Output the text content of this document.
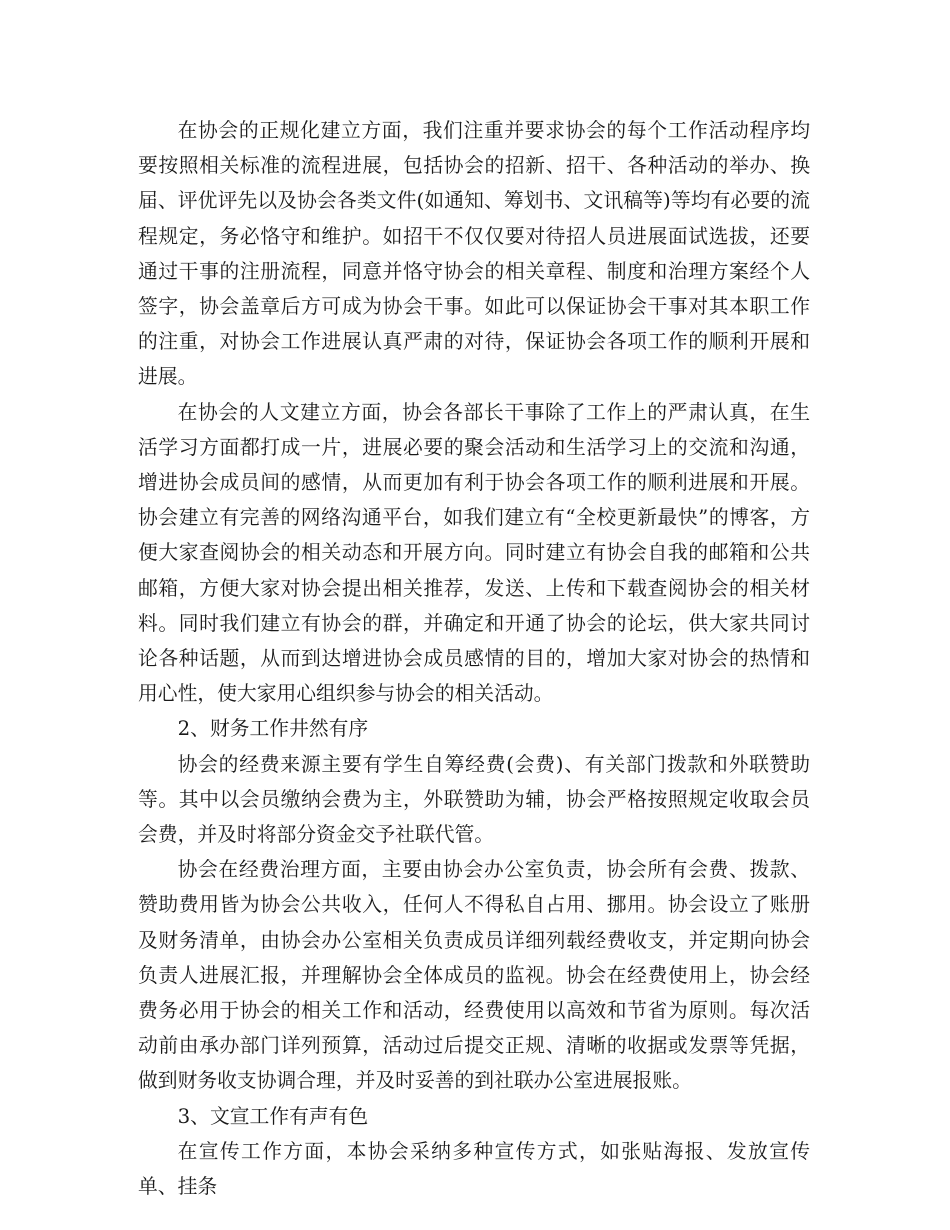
在协会的正规化建立方面，我们注重并要求协会的每个工作活动程序均要按照相关标准的流程进展，包括协会的招新、招干、各种活动的举办、换届、评优评先以及协会各类文件(如通知、筹划书、文讯稿等)等均有必要的流程规定，务必恪守和维护。如招干不仅仅要对待招人员进展面试选拔，还要通过干事的注册流程，同意并恪守协会的相关章程、制度和治理方案经个人签字，协会盖章后方可成为协会干事。如此可以保证协会干事对其本职工作的注重，对协会工作进展认真严肃的对待，保证协会各项工作的顺利开展和进展。

在协会的人文建立方面，协会各部长干事除了工作上的严肃认真，在生活学习方面都打成一片，进展必要的聚会活动和生活学习上的交流和沟通，增进协会成员间的感情，从而更加有利于协会各项工作的顺利进展和开展。协会建立有完善的网络沟通平台，如我们建立有“全校更新最快”的博客，方便大家查阅协会的相关动态和开展方向。同时建立有协会自我的邮箱和公共邮箱，方便大家对协会提出相关推荐，发送、上传和下载查阅协会的相关材料。同时我们建立有协会的群，并确定和开通了协会的论坛，供大家共同讨论各种话题，从而到达增进协会成员感情的目的，增加大家对协会的热情和用心性，使大家用心组织参与协会的相关活动。

2、财务工作井然有序

协会的经费来源主要有学生自筹经费(会费)、有关部门拨款和外联赞助等。其中以会员缴纳会费为主，外联赞助为辅，协会严格按照规定收取会员会费，并及时将部分资金交予社联代管。

协会在经费治理方面，主要由协会办公室负责，协会所有会费、拨款、赞助费用皆为协会公共收入，任何人不得私自占用、挪用。协会设立了账册及财务清单，由协会办公室相关负责成员详细列载经费收支，并定期向协会负责人进展汇报，并理解协会全体成员的监视。协会在经费使用上，协会经费务必用于协会的相关工作和活动，经费使用以高效和节省为原则。每次活动前由承办部门详列预算，活动过后提交正规、清晰的收据或发票等凭据，做到财务收支协调合理，并及时妥善的到社联办公室进展报账。

3、文宣工作有声有色

在宣传工作方面，本协会采纳多种宣传方式，如张贴海报、发放宣传单、挂条
